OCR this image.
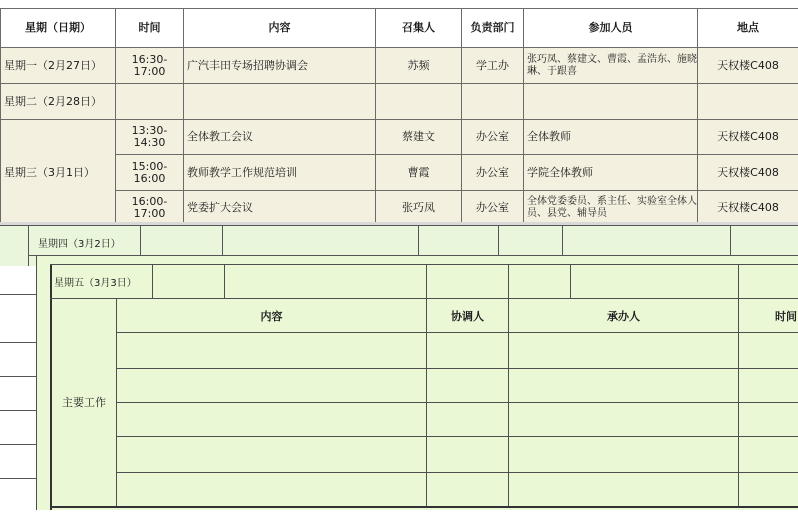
星期（日期）	时间	内容	召集人	负责部门	参加人员	地点
星期一（2月27日）	16:30-17:00	广汽丰田专场招聘协调会	苏频	学工办	张巧凤、蔡建文、曹霞、孟浩东、施晓琳、于跟喜	天权楼C408
星期二（2月28日）
星期三（3月1日）
13:30-14:30	全体教工会议	蔡建文	办公室	全体教师	天权楼C408
15:00-16:00	教师教学工作规范培训	曹霞	办公室	学院全体教师	天权楼C408
16:00-17:00	党委扩大会议	张巧凤	办公室	全体党委委员、系主任、实验室全体人员、县党、辅导员	天权楼C408
星期四（3月2日）
星期五（3月3日）
内容	协调人	承办人	时间
主要工作
